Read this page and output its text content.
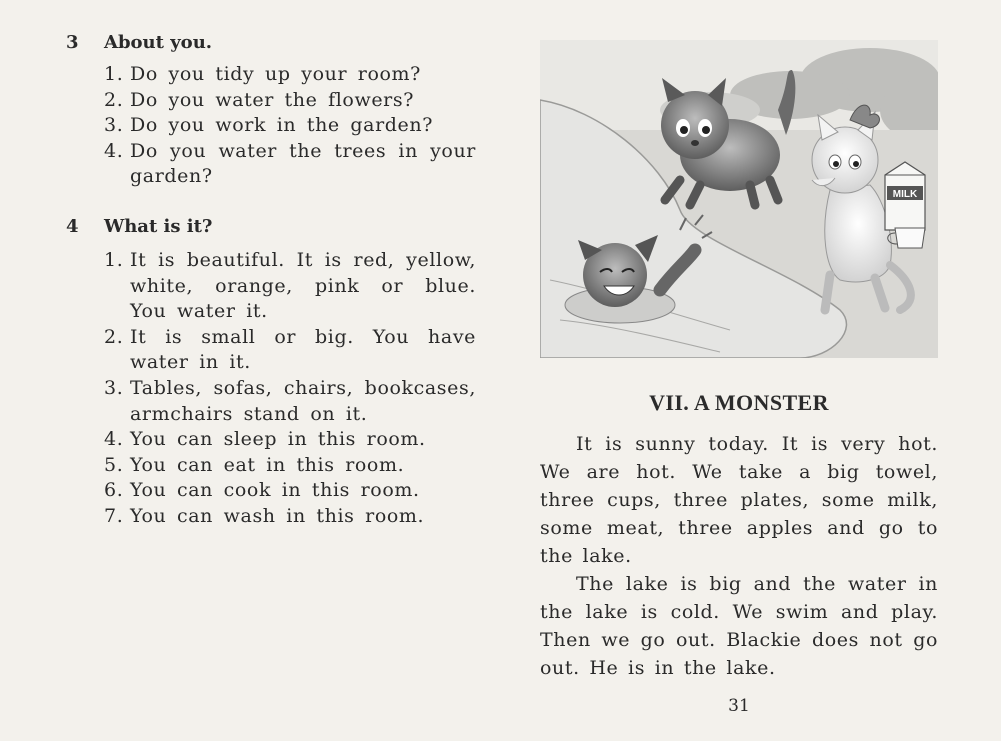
3	About you.
1. Do you tidy up your room?
2. Do you water the flowers?
3. Do you work in the garden?
4. Do you water the trees in your garden?
4	What is it?
1. It is beautiful. It is red, yellow, white, orange, pink or blue. You water it.
2. It is small or big. You have water in it.
3. Tables, sofas, chairs, bookcases, armchairs stand on it.
4. You can sleep in this room.
5. You can eat in this room.
6. You can cook in this room.
7. You can wash in this room.
MILK
VII. A MONSTER

It is sunny today. It is very hot. We are hot. We take a big towel, three cups, three plates, some milk, some meat, three apples and go to the lake.

The lake is big and the water in the lake is cold. We swim and play. Then we go out. Blackie does not go out. He is in the lake.

31
